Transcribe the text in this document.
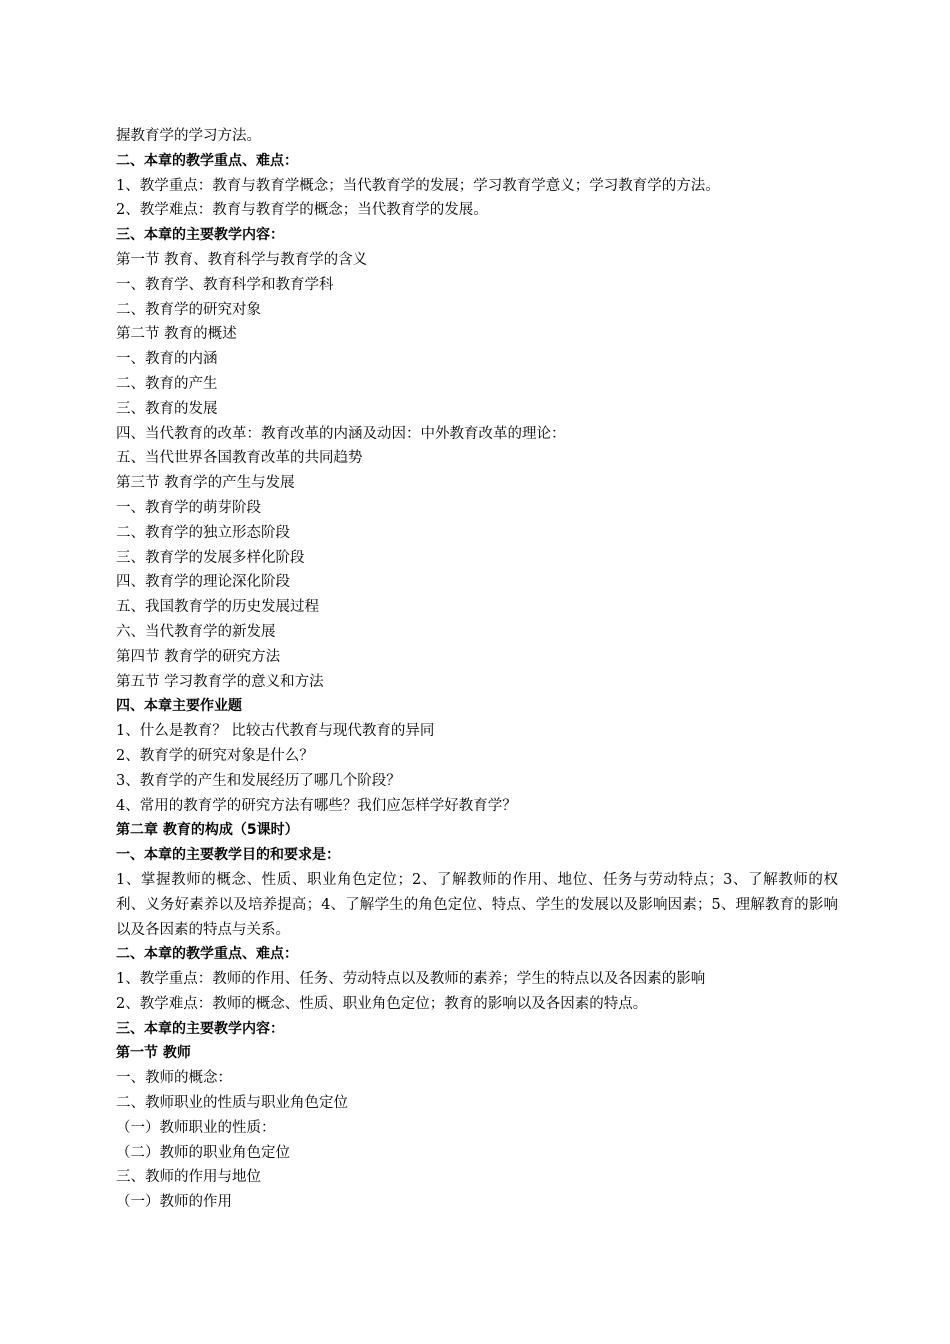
握教育学的学习方法。
二、本章的教学重点、难点：
1、教学重点：教育与教育学概念；当代教育学的发展；学习教育学意义；学习教育学的方法。
2、教学难点：教育与教育学的概念；当代教育学的发展。
三、本章的主要教学内容：
第一节 教育、教育科学与教育学的含义
一、教育学、教育科学和教育学科
二、教育学的研究对象
第二节 教育的概述
一、教育的内涵
二、教育的产生
三、教育的发展
四、当代教育的改革：教育改革的内涵及动因：中外教育改革的理论：
五、当代世界各国教育改革的共同趋势
第三节 教育学的产生与发展
一、教育学的萌芽阶段
二、教育学的独立形态阶段
三、教育学的发展多样化阶段
四、教育学的理论深化阶段
五、我国教育学的历史发展过程
六、当代教育学的新发展
第四节 教育学的研究方法
第五节 学习教育学的意义和方法
四、本章主要作业题
1、什么是教育？ 比较古代教育与现代教育的异同
2、教育学的研究对象是什么？
3、教育学的产生和发展经历了哪几个阶段？
4、常用的教育学的研究方法有哪些？我们应怎样学好教育学？
第二章 教育的构成（5课时）
一、本章的主要教学目的和要求是：
1、掌握教师的概念、性质、职业角色定位；2、了解教师的作用、地位、任务与劳动特点；3、了解教师的权利、义务好素养以及培养提高；4、了解学生的角色定位、特点、学生的发展以及影响因素；5、理解教育的影响以及各因素的特点与关系。
二、本章的教学重点、难点：
1、教学重点：教师的作用、任务、劳动特点以及教师的素养；学生的特点以及各因素的影响
2、教学难点：教师的概念、性质、职业角色定位；教育的影响以及各因素的特点。
三、本章的主要教学内容：
第一节 教师
一、教师的概念：
二、教师职业的性质与职业角色定位
（一）教师职业的性质：
（二）教师的职业角色定位
三、教师的作用与地位
（一）教师的作用
